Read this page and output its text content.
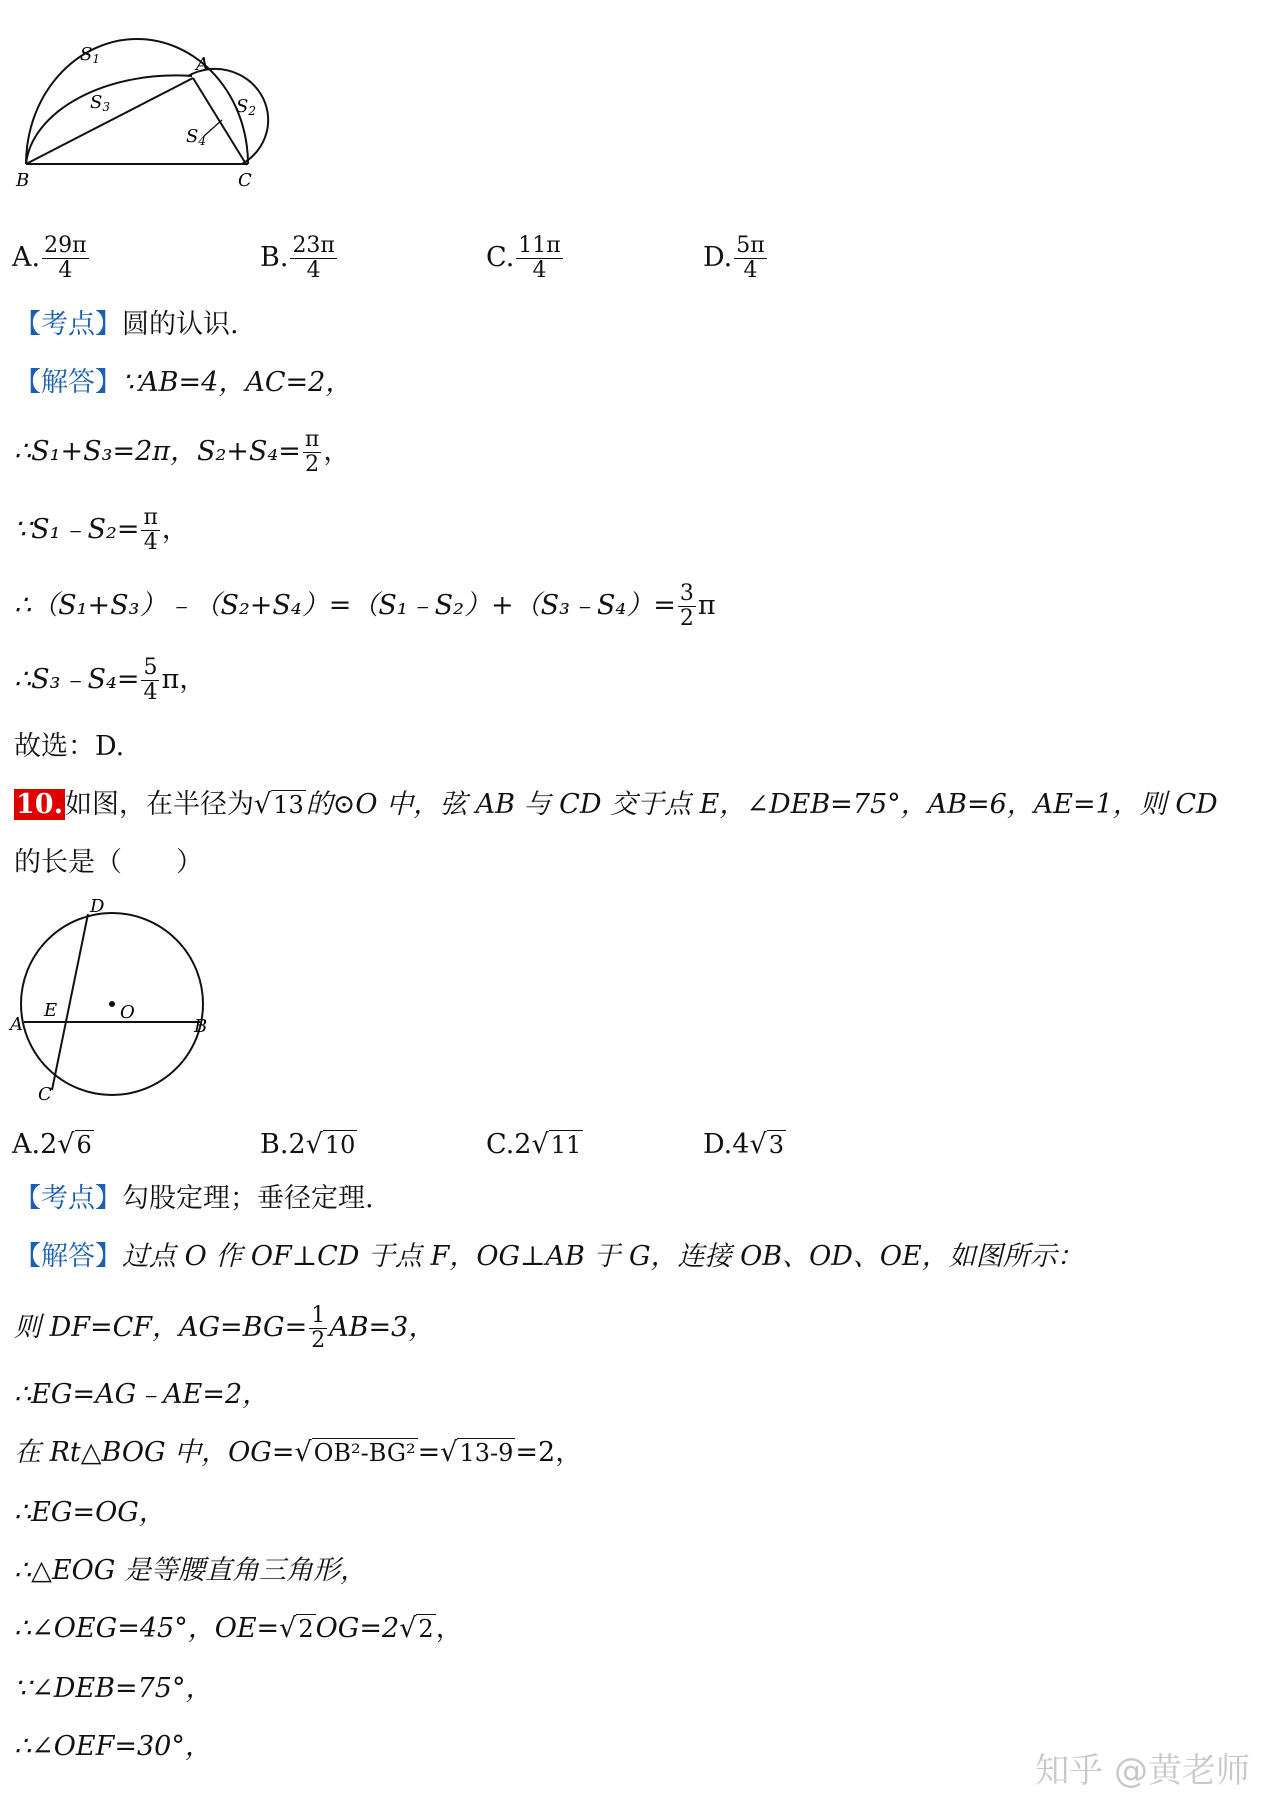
S1
S3	S2
S4
A
B	C
A. $\frac{29\pi}{4}$	B. $\frac{23\pi}{4}$	C. $\frac{11\pi}{4}$	D. $\frac{5\pi}{4}$
【考点】圆的认识.
【解答】∵AB=4，AC=2，
∴S₁+S₃=2π，$S_2+S_4= \frac{\pi}{2}$ ，
∵S₁﹣S₂= $\frac{\pi}{4}$ ，
∴（S₁+S₃）﹣（S₂+S₄）=（S₁﹣S₂）+（S₃﹣S₄）= $\frac{3}{2}$ π
∴S₃﹣S₄= $\frac{5}{4}$ π，
故选：D.
10.如图，在半径为√13的⊙O 中，弦 AB 与 CD 交于点 E，∠DEB=75°，AB=6，AE=1，则 CD
的长是（　　）
D
O
E
A	B
C
A.2√6	B.2√10	C.2√11	D.4√3
【考点】勾股定理；垂径定理.
【解答】过点 O 作 OF⊥CD 于点 F，OG⊥AB 于 G，连接 OB、OD、OE，如图所示：
则 DF=CF，$AG=BG= \frac{1}{2} AB=3$，
∴EG=AG﹣AE=2，
在 Rt△BOG 中，OG=√OB²-BG²=√13-9=2，
∴EG=OG，
∴△EOG 是等腰直角三角形，
∴∠OEG=45°，OE=√2OG=2√2，
∵∠DEB=75°，
∴∠OEF=30°，
知乎 @黄老师
